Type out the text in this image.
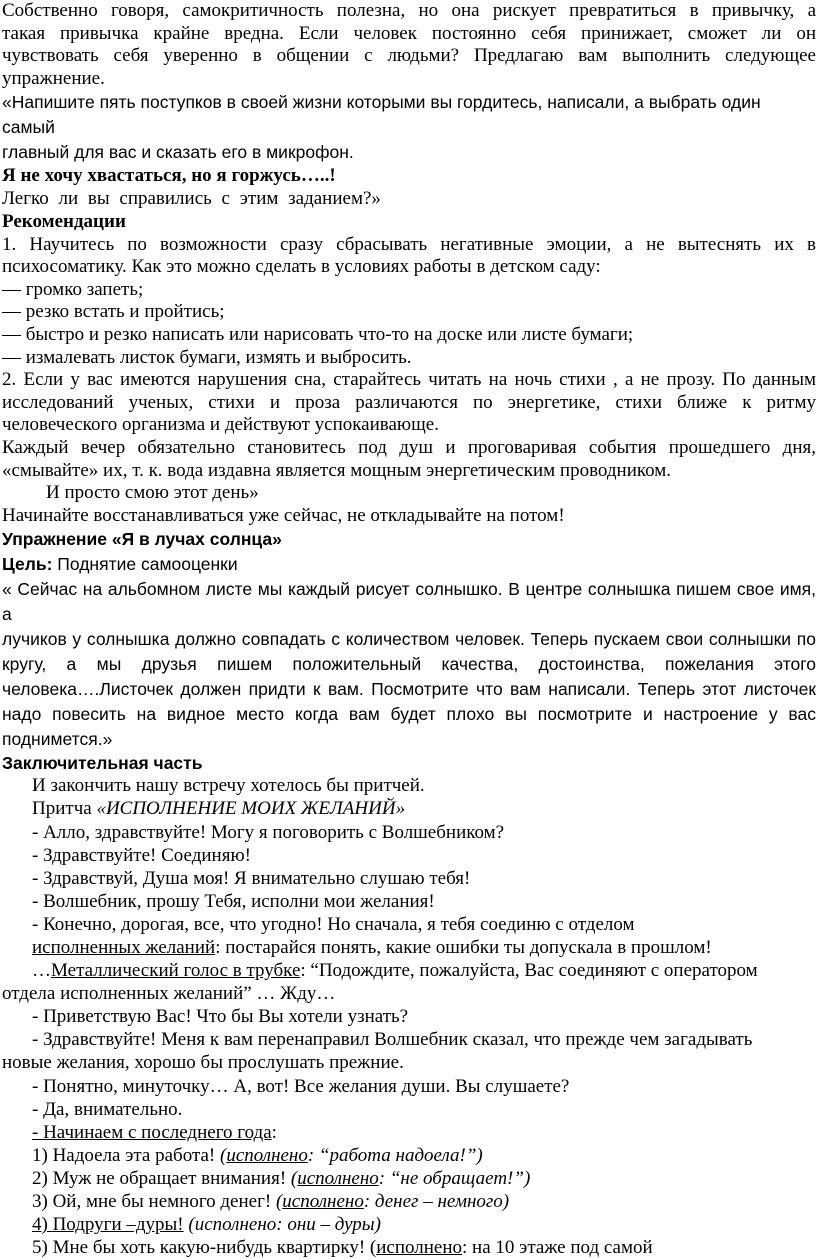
Собственно говоря, самокритичность полезна, но она рискует превратиться в привычку, а

такая привычка крайне вредна. Если человек постоянно себя принижает, сможет ли он

чувствовать себя уверенно в общении с людьми? Предлагаю вам выполнить следующее

упражнение.

«Напишите пять поступков в своей жизни которыми вы гордитесь, написали, а выбрать один самый

главный для вас и сказать его в микрофон.

Я не хочу хвастаться, но я горжусь…..!

Легко ли вы справились с этим заданием?»

Рекомендации

1. Научитесь по возможности сразу сбрасывать негативные эмоции, а не вытеснять их в

психосоматику. Как это можно сделать в условиях работы в детском саду:

— громко запеть;

— резко встать и пройтись;

— быстро и резко написать или нарисовать что-то на доске или листе бумаги;

— измалевать листок бумаги, измять и выбросить.

2. Если у вас имеются нарушения сна, старайтесь читать на ночь стихи , а не прозу. По данным

исследований ученых, стихи и проза различаются по энергетике, стихи ближе к ритму

человеческого организма и действуют успокаивающе.

Каждый вечер обязательно становитесь под душ и проговаривая события прошедшего дня,

«смывайте» их, т. к. вода издавна является мощным энергетическим проводником.

И просто смою этот день»

Начинайте восстанавливаться уже сейчас, не откладывайте на потом!

Упражнение «Я в лучах солнца»

Цель: Поднятие самооценки

« Сейчас на альбомном листе мы каждый рисует солнышко. В центре солнышка пишем свое имя, а

лучиков у солнышка должно совпадать с количеством человек. Теперь пускаем свои солнышки по

кругу, а мы друзья пишем положительный качества, достоинства, пожелания этого

человека….Листочек должен придти к вам. Посмотрите что вам написали. Теперь этот листочек

надо повесить на видное место когда вам будет плохо вы посмотрите и настроение у вас

поднимется.»

Заключительная часть

И закончить нашу встречу хотелось бы притчей.

Притча «ИСПОЛНЕНИЕ МОИХ ЖЕЛАНИЙ»

- Алло, здравствуйте! Могу я поговорить с Волшебником?

- Здравствуйте! Соединяю!

- Здравствуй, Душа моя! Я внимательно слушаю тебя!

- Волшебник, прошу Тебя, исполни мои желания!

- Конечно, дорогая, все, что угодно! Но сначала, я тебя соединю с отделом

исполненных желаний: постарайся понять, какие ошибки ты допускала в прошлом!

…Металлический голос в трубке: “Подождите, пожалуйста, Вас соединяют с оператором

отдела исполненных желаний” … Жду…

- Приветствую Вас! Что бы Вы хотели узнать?

- Здравствуйте! Меня к вам перенаправил Волшебник сказал, что прежде чем загадывать

новые желания, хорошо бы прослушать прежние.

- Понятно, минуточку… А, вот! Все желания души. Вы слушаете?

- Да, внимательно.

- Начинаем с последнего года:

1) Надоела эта работа! (исполнено: “работа надоела!”)

2) Муж не обращает внимания! (исполнено: “не обращает!”)

3) Ой, мне бы немного денег! (исполнено: денег – немного)

4) Подруги –дуры! (исполнено: они – дуры)

5) Мне бы хоть какую-нибудь квартирку! (исполнено: на 10 этаже под самой
